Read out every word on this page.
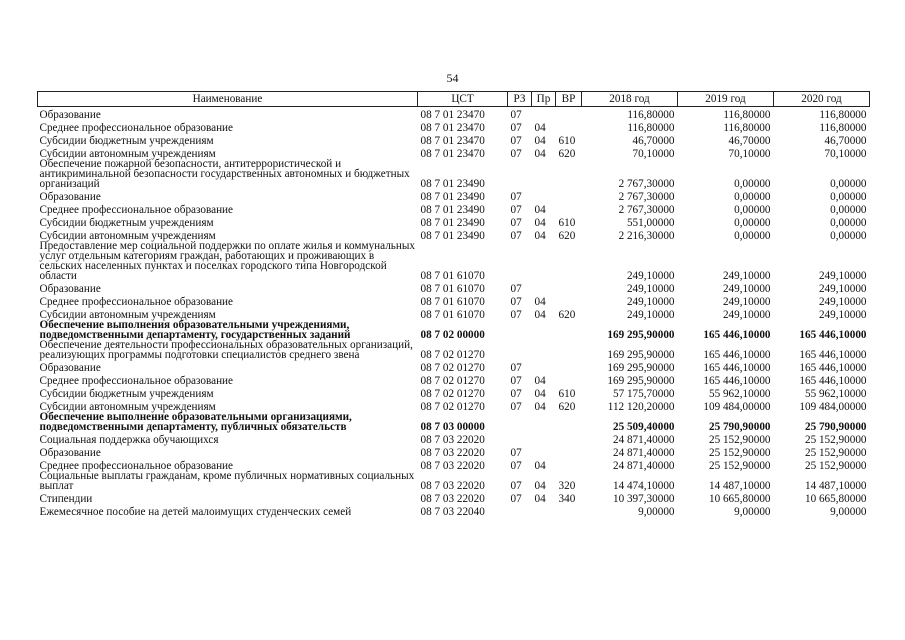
54
Наименование	ЦСТ	РЗ	Пр	ВР	2018 год	2019 год	2020 год
Образование	08 7 01 23470	07			116,80000	116,80000	116,80000
Среднее профессиональное образование	08 7 01 23470	07	04		116,80000	116,80000	116,80000
Субсидии бюджетным учреждениям	08 7 01 23470	07	04	610	46,70000	46,70000	46,70000
Субсидии автономным учреждениям	08 7 01 23470	07	04	620	70,10000	70,10000	70,10000
Обеспечение пожарной безопасности, антитеррористической и антикриминальной безопасности государственных автономных и бюджетных организаций	08 7 01 23490				2 767,30000	0,00000	0,00000
Образование	08 7 01 23490	07			2 767,30000	0,00000	0,00000
Среднее профессиональное образование	08 7 01 23490	07	04		2 767,30000	0,00000	0,00000
Субсидии бюджетным учреждениям	08 7 01 23490	07	04	610	551,00000	0,00000	0,00000
Субсидии автономным учреждениям	08 7 01 23490	07	04	620	2 216,30000	0,00000	0,00000
Предоставление мер социальной поддержки по оплате жилья и коммунальных услуг отдельным категориям граждан, работающих и проживающих в сельских населенных пунктах и поселках городского типа Новгородской области	08 7 01 61070				249,10000	249,10000	249,10000
Образование	08 7 01 61070	07			249,10000	249,10000	249,10000
Среднее профессиональное образование	08 7 01 61070	07	04		249,10000	249,10000	249,10000
Субсидии автономным учреждениям	08 7 01 61070	07	04	620	249,10000	249,10000	249,10000
Обеспечение выполнения образовательными учреждениями, подведомственными департаменту, государственных заданий	08 7 02 00000				169 295,90000	165 446,10000	165 446,10000
Обеспечение деятельности профессиональных образовательных организаций, реализующих программы подготовки специалистов среднего звена	08 7 02 01270				169 295,90000	165 446,10000	165 446,10000
Образование	08 7 02 01270	07			169 295,90000	165 446,10000	165 446,10000
Среднее профессиональное образование	08 7 02 01270	07	04		169 295,90000	165 446,10000	165 446,10000
Субсидии бюджетным учреждениям	08 7 02 01270	07	04	610	57 175,70000	55 962,10000	55 962,10000
Субсидии автономным учреждениям	08 7 02 01270	07	04	620	112 120,20000	109 484,00000	109 484,00000
Обеспечение выполнение образовательными организациями, подведомственными департаменту, публичных обязательств	08 7 03 00000				25 509,40000	25 790,90000	25 790,90000
Социальная поддержка обучающихся	08 7 03 22020				24 871,40000	25 152,90000	25 152,90000
Образование	08 7 03 22020	07			24 871,40000	25 152,90000	25 152,90000
Среднее профессиональное образование	08 7 03 22020	07	04		24 871,40000	25 152,90000	25 152,90000
Социальные выплаты гражданам, кроме публичных нормативных социальных выплат	08 7 03 22020	07	04	320	14 474,10000	14 487,10000	14 487,10000
Стипендии	08 7 03 22020	07	04	340	10 397,30000	10 665,80000	10 665,80000
Ежемесячное пособие на детей малоимущих студенческих семей	08 7 03 22040				9,00000	9,00000	9,00000
